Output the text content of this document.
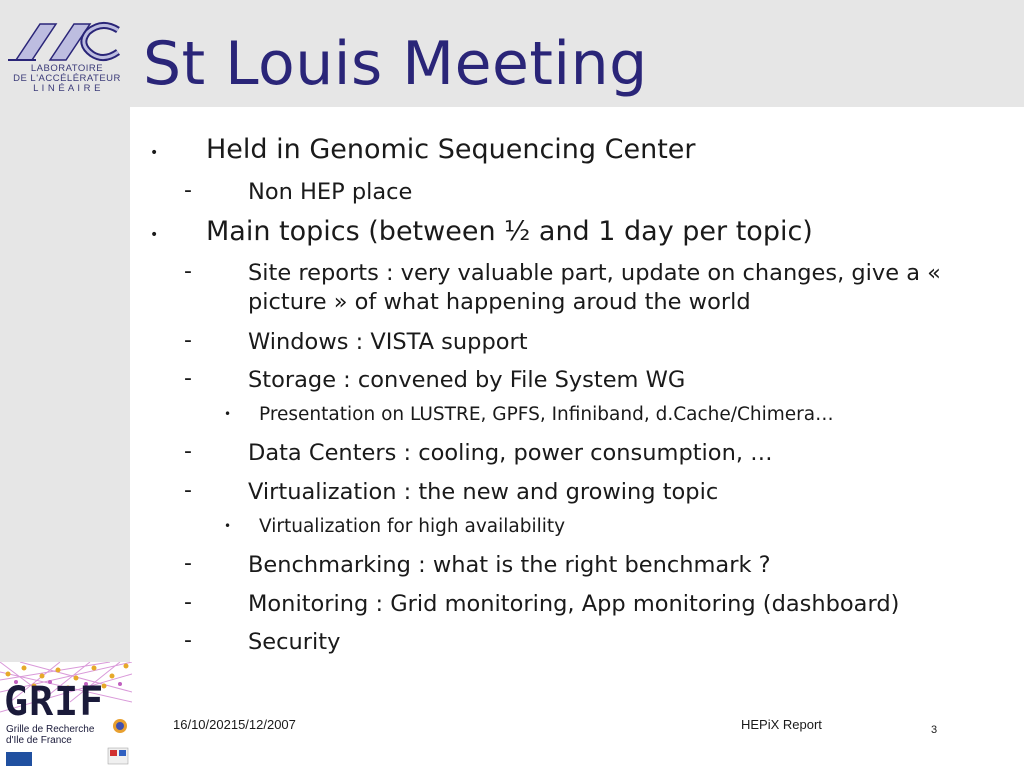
LABORATOIRE
DE L'ACCÉLÉRATEUR
L I N É A I R E St Louis Meeting
• Held in Genomic Sequencing Center
- Non HEP place
• Main topics (between ½ and 1 day per topic)
- Site reports : very valuable part, update on changes, give a « picture » of what happening aroud the world
- Windows : VISTA support
- Storage : convened by File System WG
• Presentation on LUSTRE, GPFS, Infiniband, d.Cache/Chimera…
- Data Centers : cooling, power consumption, …
- Virtualization : the new and growing topic
• Virtualization for high availability
- Benchmarking : what is the right benchmark ?
- Monitoring : Grid monitoring, App monitoring (dashboard)
- Security
GRIF
Grille de Recherche
d'Ile de France
16/10/20215/12/2007	HEPiX Report	3
